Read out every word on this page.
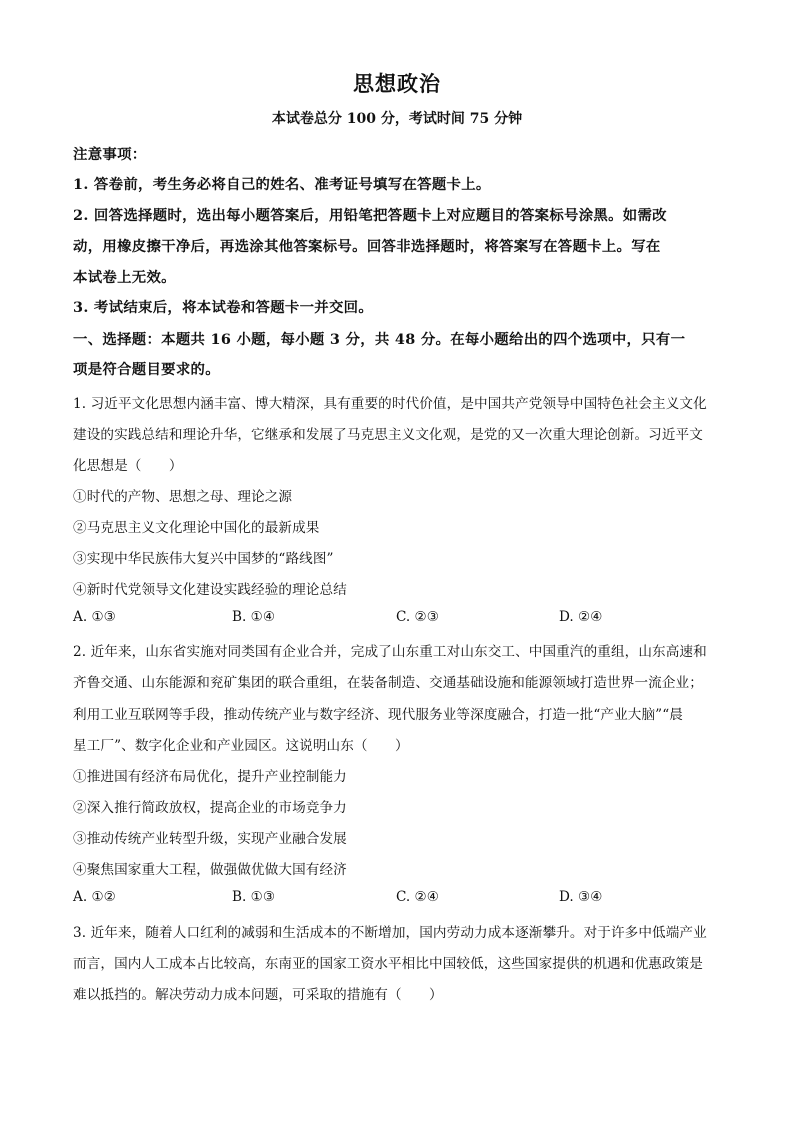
思想政治
本试卷总分 100 分，考试时间 75 分钟
注意事项：
1. 答卷前，考生务必将自己的姓名、准考证号填写在答题卡上。
2. 回答选择题时，选出每小题答案后，用铅笔把答题卡上对应题目的答案标号涂黑。如需改
动，用橡皮擦干净后，再选涂其他答案标号。回答非选择题时，将答案写在答题卡上。写在
本试卷上无效。
3. 考试结束后，将本试卷和答题卡一并交回。
一、选择题：本题共 16 小题，每小题 3 分，共 48 分。在每小题给出的四个选项中，只有一
项是符合题目要求的。
1. 习近平文化思想内涵丰富、博大精深，具有重要的时代价值，是中国共产党领导中国特色社会主义文化
建设的实践总结和理论升华，它继承和发展了马克思主义文化观，是党的又一次重大理论创新。习近平文
化思想是（　　）
①时代的产物、思想之母、理论之源
②马克思主义文化理论中国化的最新成果
③实现中华民族伟大复兴中国梦的“路线图”
④新时代党领导文化建设实践经验的理论总结
A. ①③	B. ①④	C. ②③	D. ②④
2. 近年来，山东省实施对同类国有企业合并，完成了山东重工对山东交工、中国重汽的重组，山东高速和
齐鲁交通、山东能源和兖矿集团的联合重组，在装备制造、交通基础设施和能源领域打造世界一流企业；
利用工业互联网等手段，推动传统产业与数字经济、现代服务业等深度融合，打造一批“产业大脑”“晨
星工厂”、数字化企业和产业园区。这说明山东（　　）
①推进国有经济布局优化，提升产业控制能力
②深入推行简政放权，提高企业的市场竞争力
③推动传统产业转型升级，实现产业融合发展
④聚焦国家重大工程，做强做优做大国有经济
A. ①②	B. ①③	C. ②④	D. ③④
3. 近年来，随着人口红利的减弱和生活成本的不断增加，国内劳动力成本逐渐攀升。对于许多中低端产业
而言，国内人工成本占比较高，东南亚的国家工资水平相比中国较低，这些国家提供的机遇和优惠政策是
难以抵挡的。解决劳动力成本问题，可采取的措施有（　　）
